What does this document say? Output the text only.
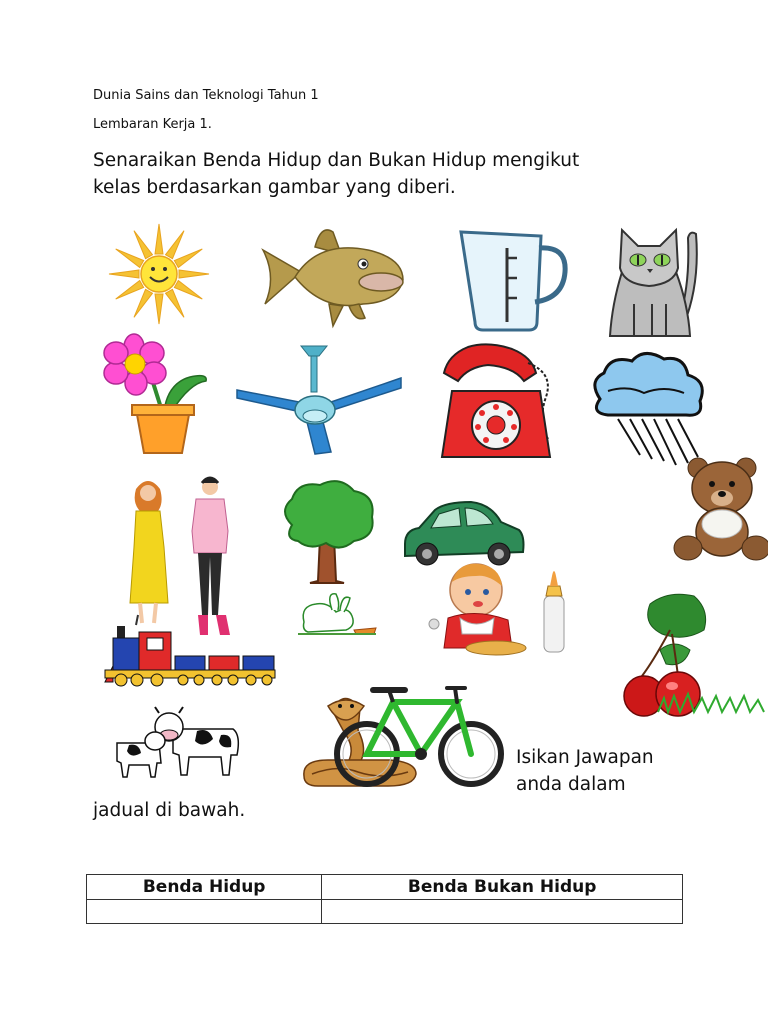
Dunia Sains dan Teknologi Tahun 1
Lembaran Kerja 1.
Senaraikan Benda Hidup dan Bukan Hidup mengikut
kelas berdasarkan gambar yang diberi.
Isikan Jawapan
anda dalam
jadual di bawah.
Benda Hidup	Benda Bukan Hidup
